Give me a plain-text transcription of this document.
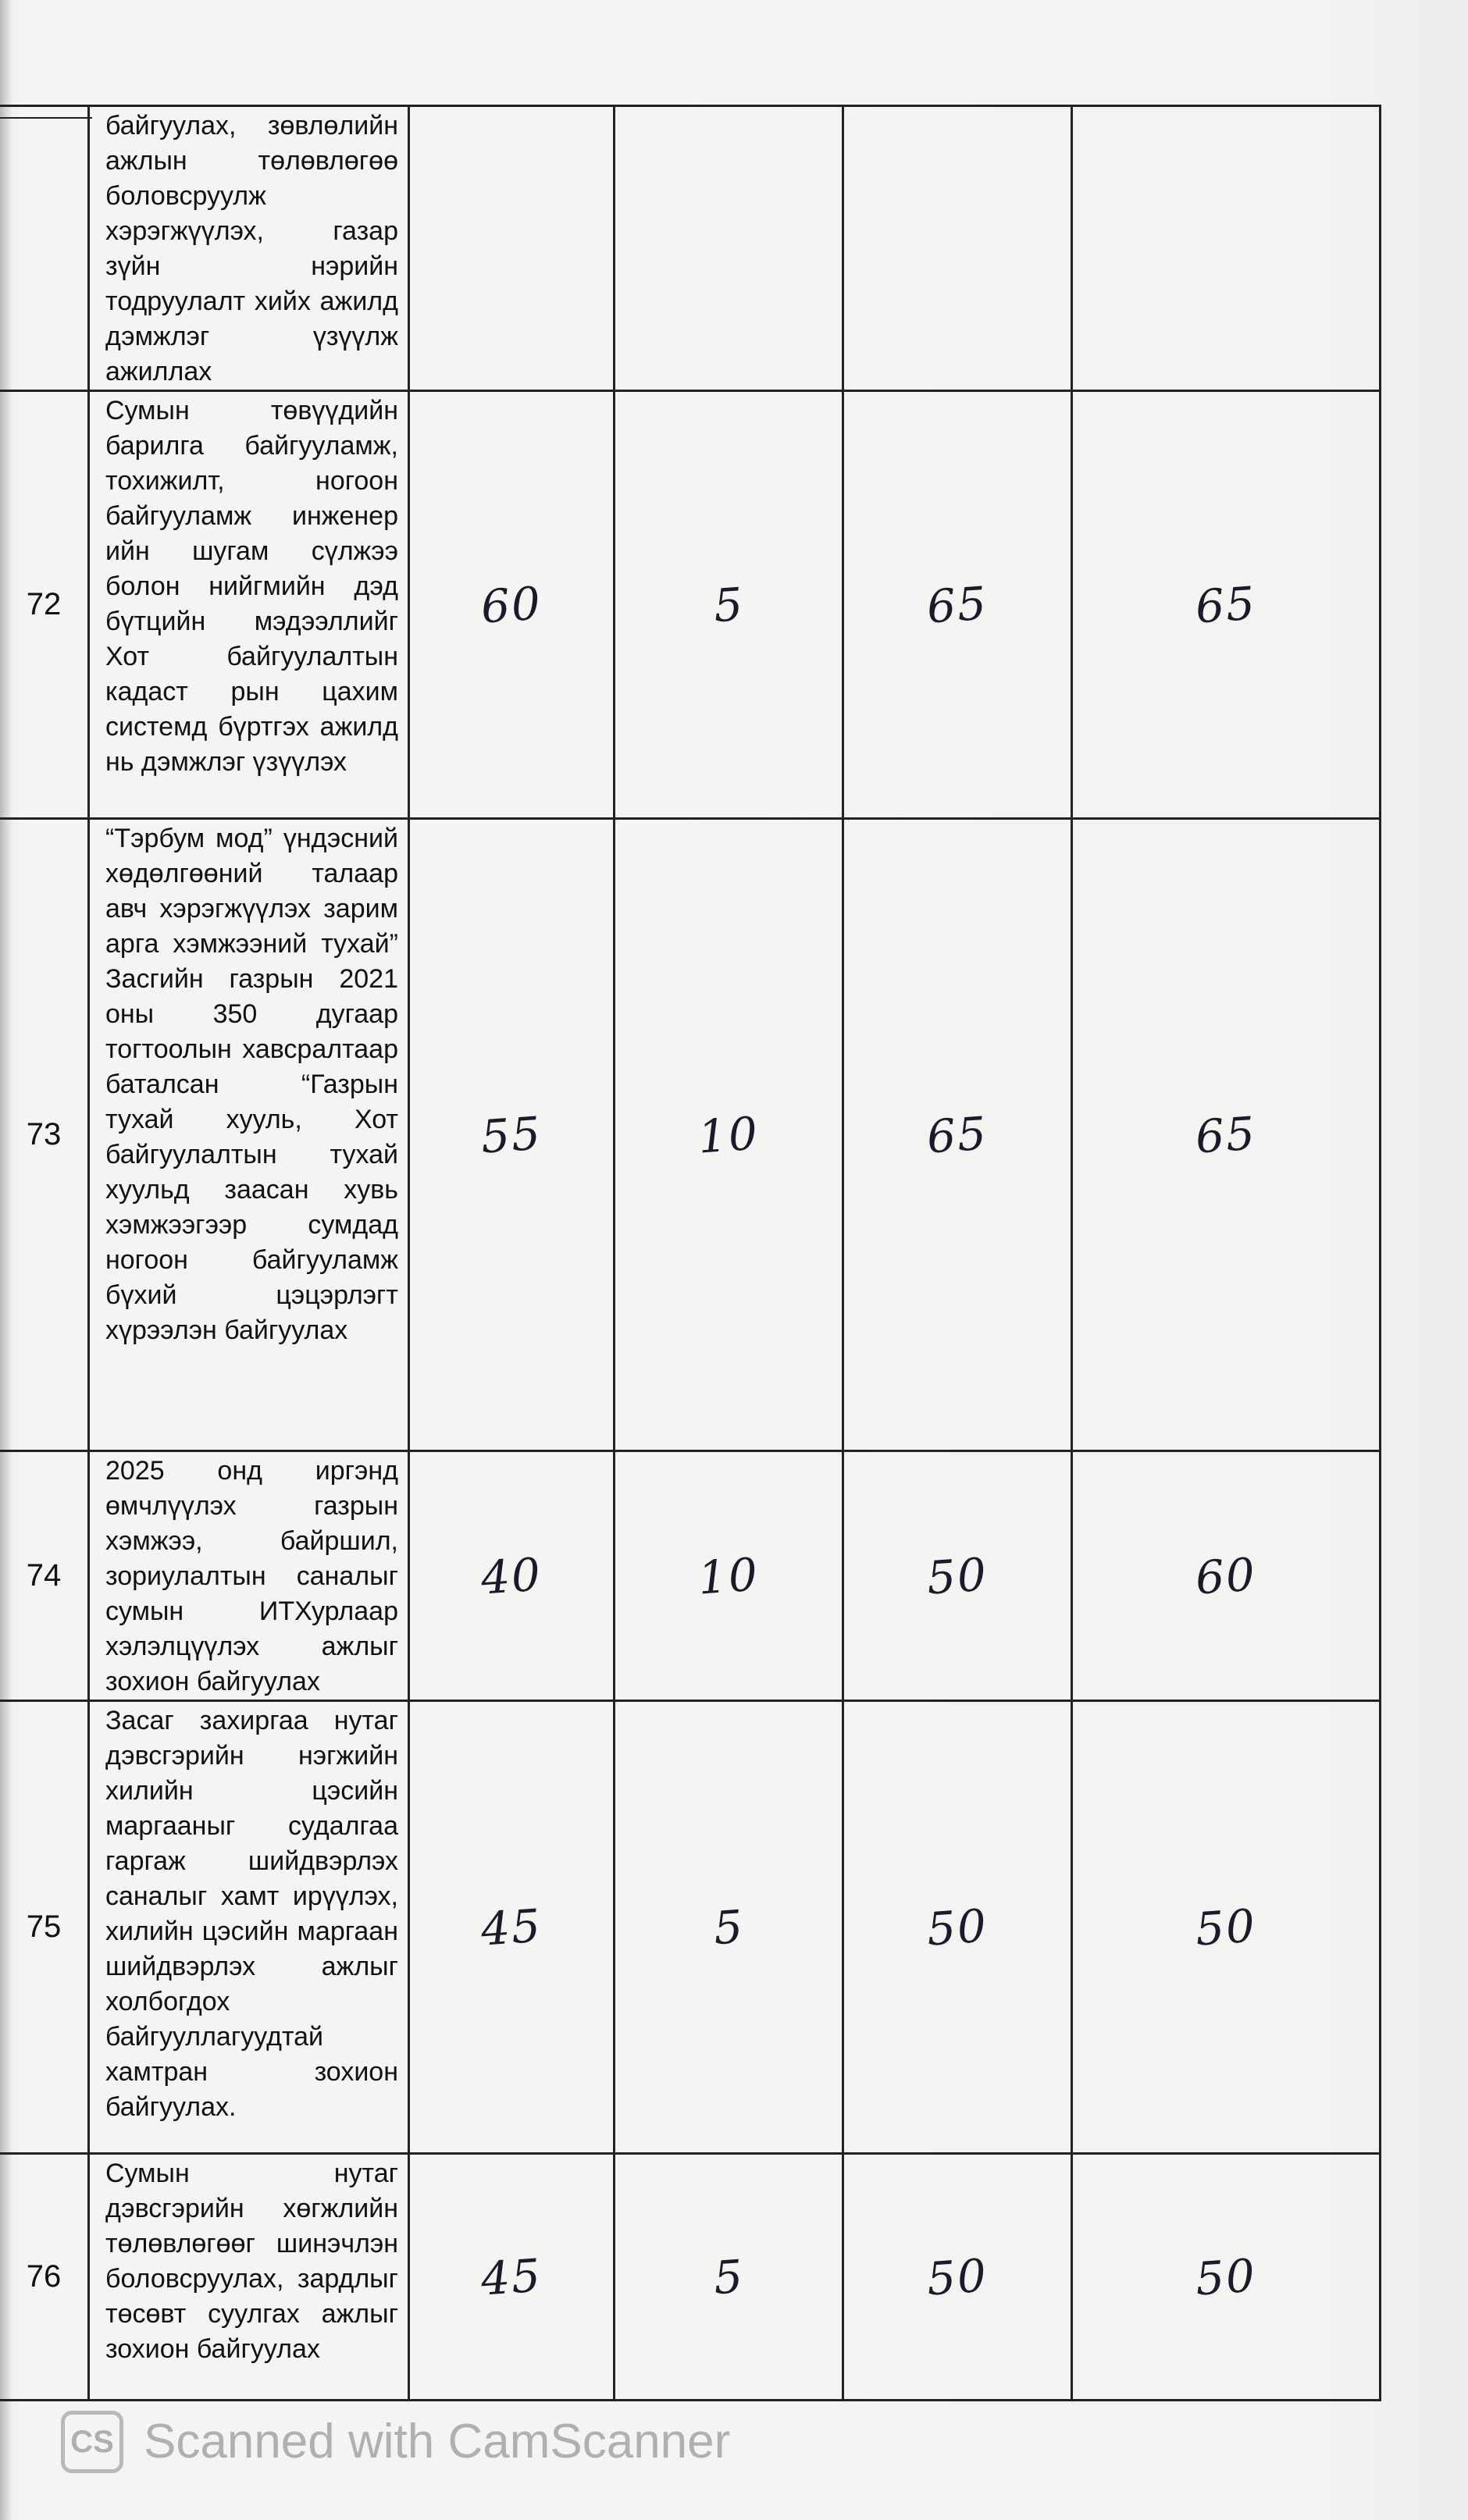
	байгуулах, зөвлөлийн ажлын төлөвлөгөө боловсруулж хэрэгжүүлэх, газар зүйн нэрийн тодруулалт хийх ажилд дэмжлэг үзүүлж ажиллах				

72	Сумын төвүүдийн барилга байгууламж, тохижилт, ногоон байгууламж инженер ийн шугам сүлжээ болон нийгмийн дэд бүтцийн мэдээллийг Хот байгуулалтын кадаст рын цахим системд бүртгэх ажилд нь дэмжлэг үзүүлэх	60	5	65	65
73	“Тэрбум мод” үндэсний хөдөлгөөний талаар авч хэрэгжүүлэх зарим арга хэмжээний тухай” Засгийн газрын 2021 оны 350 дугаар тогтоолын хавсралтаар баталсан “Газрын тухай хууль, Хот байгуулалтын тухай хуульд заасан хувь хэмжээгээр сумдад ногоон байгууламж бүхий цэцэрлэгт хүрээлэн байгуулах	55	10	65	65
74	2025 онд иргэнд өмчлүүлэх газрын хэмжээ, байршил, зориулалтын саналыг сумын ИТХурлаар хэлэлцүүлэх ажлыг зохион байгуулах	40	10	50	60
75	Засаг захиргаа нутаг дэвсгэрийн нэгжийн хилийн цэсийн маргааныг судалгаа гаргаж шийдвэрлэх саналыг хамт ирүүлэх, хилийн цэсийн маргаан шийдвэрлэх ажлыг холбогдох байгууллагуудтай хамтран зохион байгуулах.	45	5	50	50
76	Сумын нутаг дэвсгэрийн хөгжлийн төлөвлөгөөг шинэчлэн боловсруулах, зардлыг төсөвт суулгах ажлыг зохион байгуулах	45	5	50	50
CS Scanned with CamScanner
